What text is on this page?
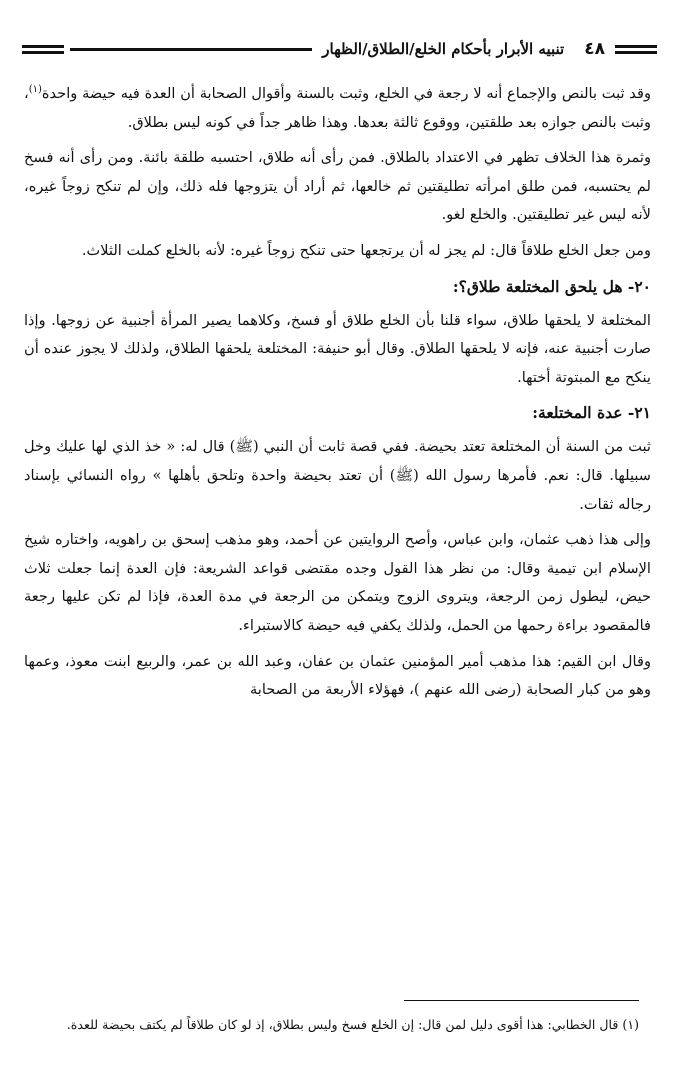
٤٨
تنبيه الأبرار بأحكام الخلع/الطلاق/الظهار

وقد ثبت بالنص والإجماع أنه لا رجعة في الخلع، وثبت بالسنة وأقوال الصحابة أن العدة فيه حيضة واحدة$^{(١)}$، وثبت بالنص جوازه بعد طلقتين، ووقوع ثالثة بعدها. وهذا ظاهر جداً في كونه ليس بطلاق.

وثمرة هذا الخلاف تظهر في الاعتداد بالطلاق. فمن رأى أنه طلاق، احتسبه طلقة بائنة. ومن رأى أنه فسخ لم يحتسبه، فمن طلق امرأته تطليقتين ثم خالعها، ثم أراد أن يتزوجها فله ذلك، وإن لم تنكح زوجاً غيره، لأنه ليس غير تطليقتين. والخلع لغو.

ومن جعل الخلع طلاقاً قال: لم يجز له أن يرتجعها حتى تنكح زوجاً غيره: لأنه بالخلع كملت الثلاث.

٢٠- هل يلحق المختلعة طلاق؟:

المختلعة لا يلحقها طلاق، سواء قلنا بأن الخلع طلاق أو فسخ، وكلاهما يصير المرأة أجنبية عن زوجها. وإذا صارت أجنبية عنه، فإنه لا يلحقها الطلاق. وقال أبو حنيفة: المختلعة يلحقها الطلاق، ولذلك لا يجوز عنده أن ينكح مع المبتوتة أختها.

٢١- عدة المختلعة:

ثبت من السنة أن المختلعة تعتد بحيضة. ففي قصة ثابت أن النبي (ﷺ) قال له: « خذ الذي لها عليك وخل سبيلها. قال: نعم. فأمرها رسول الله (ﷺ) أن تعتد بحيضة واحدة وتلحق بأهلها » رواه النسائي بإسناد رجاله ثقات.

وإلى هذا ذهب عثمان، وابن عباس، وأصح الروايتين عن أحمد، وهو مذهب إسحق بن راهويه، واختاره شيخ الإسلام ابن تيمية وقال: من نظر هذا القول وجده مقتضى قواعد الشريعة: فإن العدة إنما جعلت ثلاث حيض، ليطول زمن الرجعة، ويتروى الزوج ويتمكن من الرجعة في مدة العدة، فإذا لم تكن عليها رجعة فالمقصود براءة رحمها من الحمل، ولذلك يكفي فيه حيضة كالاستبراء.

وقال ابن القيم: هذا مذهب أمير المؤمنين عثمان بن عفان، وعبد الله بن عمر، والربيع ابنت معوذ، وعمها وهو من كبار الصحابة (رضى الله عنهم )، فهؤلاء الأربعة من الصحابة

(١) قال الخطابي: هذا أقوى دليل لمن قال: إن الخلع فسخ وليس بطلاق، إذ لو كان طلاقاً لم يكتف بحيضة للعدة.
